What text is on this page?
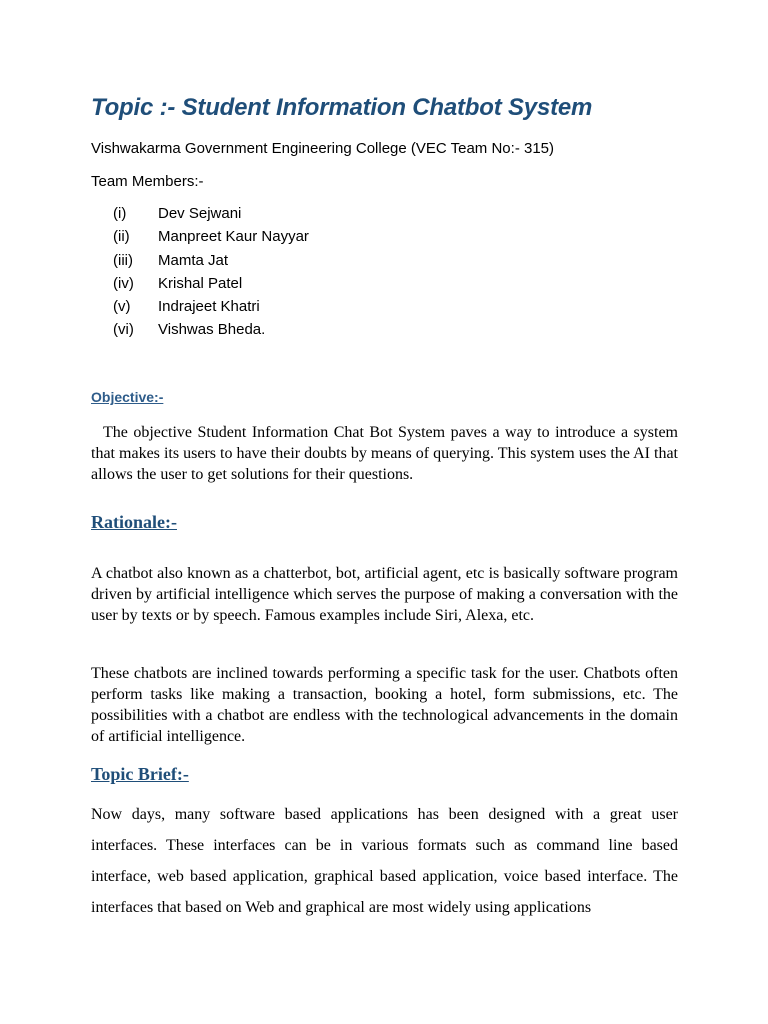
Topic :- Student Information Chatbot System
Vishwakarma Government Engineering College (VEC Team No:- 315)
Team Members:-
(i)	Dev Sejwani
(ii)	Manpreet Kaur Nayyar
(iii)	Mamta Jat
(iv)	Krishal Patel
(v)	Indrajeet Khatri
(vi)	Vishwas Bheda.
Objective:-

The objective Student Information Chat Bot System paves a way to introduce a system that makes its users to have their doubts by means of querying. This system uses the AI that allows the user to get solutions for their questions.

Rationale:-

A chatbot also known as a chatterbot, bot, artificial agent, etc is basically software program driven by artificial intelligence which serves the purpose of making a conversation with the user by texts or by speech. Famous examples include Siri, Alexa, etc.

These chatbots are inclined towards performing a specific task for the user. Chatbots often perform tasks like making a transaction, booking a hotel, form submissions, etc. The possibilities with a chatbot are endless with the technological advancements in the domain of artificial intelligence.

Topic Brief:-

Now days, many software based applications has been designed with a great user interfaces. These interfaces can be in various formats such as command line based interface, web based application, graphical based application, voice based interface. The interfaces that based on Web and graphical are most widely using applications
